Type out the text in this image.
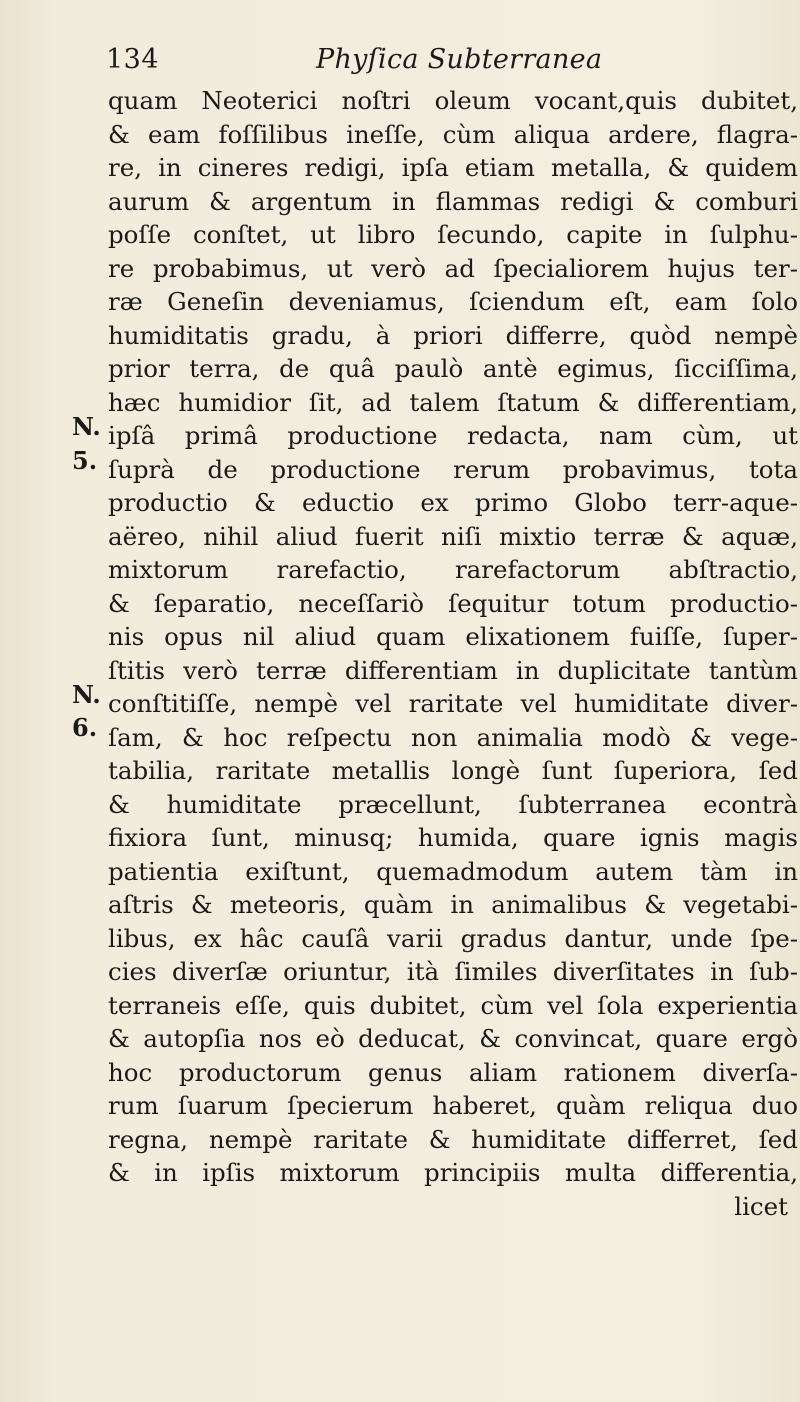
134	Phyſica Subterranea
N.
5.
N.
6.
quam Neoterici noſtri oleum vocant,quis dubitet,
& eam foſſilibus ineſſe, cùm aliqua ardere, flagra-
re, in cineres redigi, ipſa etiam metalla, & quidem
aurum & argentum in flammas redigi & comburi
poſſe conſtet, ut libro ſecundo, capite in ſulphu-
re probabimus, ut verò ad ſpecialiorem hujus ter-
ræ Geneſin deveniamus, ſciendum eſt, eam ſolo
humiditatis gradu, à priori differre, quòd nempè
prior terra, de quâ paulò antè egimus, ſicciſſima,
hæc humidior ſit, ad talem ſtatum & differentiam,
ipſâ primâ productione redacta, nam cùm, ut
ſuprà de productione rerum probavimus, tota
productio & eductio ex primo Globo terr-aque-
aëreo, nihil aliud fuerit niſi mixtio terræ & aquæ,
mixtorum rarefactio, rarefactorum abſtractio,
& ſeparatio, neceſſariò ſequitur totum productio-
nis opus nil aliud quam elixationem fuiſſe, ſuper-
ſtitis verò terræ differentiam in duplicitate tantùm
conſtitiſſe, nempè vel raritate vel humiditate diver-
ſam, & hoc reſpectu non animalia modò & vege-
tabilia, raritate metallis longè ſunt ſuperiora, ſed
& humiditate præcellunt, ſubterranea econtrà
fixiora ſunt, minusq; humida, quare ignis magis
patientia exiſtunt, quemadmodum autem tàm in
aſtris & meteoris, quàm in animalibus & vegetabi-
libus, ex hâc cauſâ varii gradus dantur, unde ſpe-
cies diverſæ oriuntur, ità ſimiles diverſitates in ſub-
terraneis eſſe, quis dubitet, cùm vel ſola experientia
& autopſia nos eò deducat, & convincat, quare ergò
hoc productorum genus aliam rationem diverſa-
rum ſuarum ſpecierum haberet, quàm reliqua duo
regna, nempè raritate & humiditate differret, ſed
& in ipſis mixtorum principiis multa differentia,
licet
